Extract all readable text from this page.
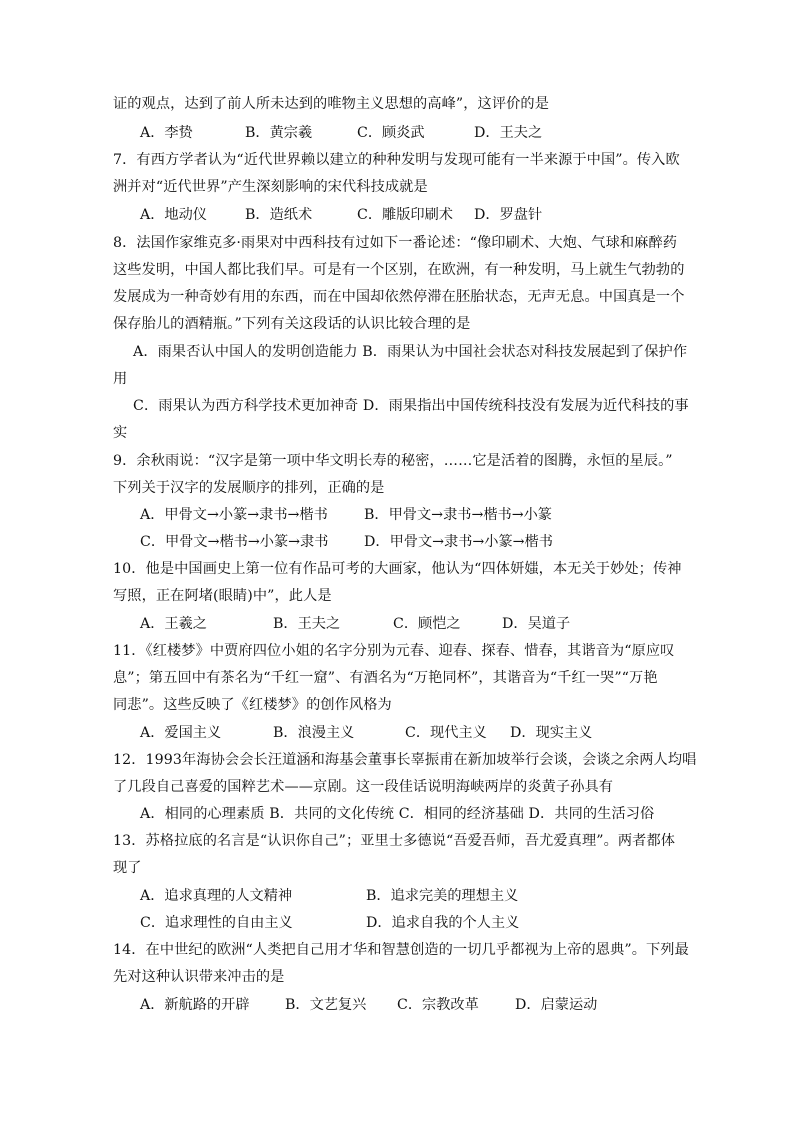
证的观点，达到了前人所未达到的唯物主义思想的高峰”，这评价的是
A．李贽	B．黄宗羲	C．顾炎武	D．王夫之
7．有西方学者认为“近代世界赖以建立的种种发明与发现可能有一半来源于中国”。传入欧
洲并对“近代世界”产生深刻影响的宋代科技成就是
A．地动仪	B．造纸术	C．雕版印刷术 D．罗盘针
8．法国作家维克多·雨果对中西科技有过如下一番论述：“像印刷术、大炮、气球和麻醉药
这些发明，中国人都比我们早。可是有一个区别，在欧洲，有一种发明，马上就生气勃勃的
发展成为一种奇妙有用的东西，而在中国却依然停滞在胚胎状态，无声无息。中国真是一个
保存胎儿的酒精瓶。”下列有关这段话的认识比较合理的是
A．雨果否认中国人的发明创造能力 B．雨果认为中国社会状态对科技发展起到了保护作
用
C．雨果认为西方科学技术更加神奇 D．雨果指出中国传统科技没有发展为近代科技的事
实
9．余秋雨说：“汉字是第一项中华文明长寿的秘密，……它是活着的图腾，永恒的星辰。”
下列关于汉字的发展顺序的排列，正确的是
A．甲骨文→小篆→隶书→楷书	B．甲骨文→隶书→楷书→小篆
C．甲骨文→楷书→小篆→隶书	D．甲骨文→隶书→小篆→楷书
10．他是中国画史上第一位有作品可考的大画家，他认为“四体妍媸，本无关于妙处；传神
写照，正在阿堵(眼睛)中”，此人是
A．王羲之	B．王夫之	C．顾恺之	D．吴道子
11．《红楼梦》中贾府四位小姐的名字分别为元春、迎春、探春、惜春，其谐音为“原应叹
息”；第五回中有茶名为“千红一窟”、有酒名为“万艳同杯”，其谐音为“千红一哭”“万艳
同悲”。这些反映了《红楼梦》的创作风格为
A．爱国主义	B．浪漫主义	C．现代主义 D．现实主义
12．1993年海协会会长汪道涵和海基会董事长辜振甫在新加坡举行会谈，会谈之余两人均唱
了几段自己喜爱的国粹艺术——京剧。这一段佳话说明海峡两岸的炎黄子孙具有
A．相同的心理素质 B．共同的文化传统 C．相同的经济基础 D．共同的生活习俗
13．苏格拉底的名言是“认识你自己”；亚里士多德说“吾爱吾师，吾尤爱真理”。两者都体
现了
A．追求真理的人文精神	B．追求完美的理想主义
C．追求理性的自由主义	D．追求自我的个人主义
14．在中世纪的欧洲“人类把自己用才华和智慧创造的一切几乎都视为上帝的恩典”。下列最
先对这种认识带来冲击的是
A．新航路的开辟 B．文艺复兴 C．宗教改革	D．启蒙运动
